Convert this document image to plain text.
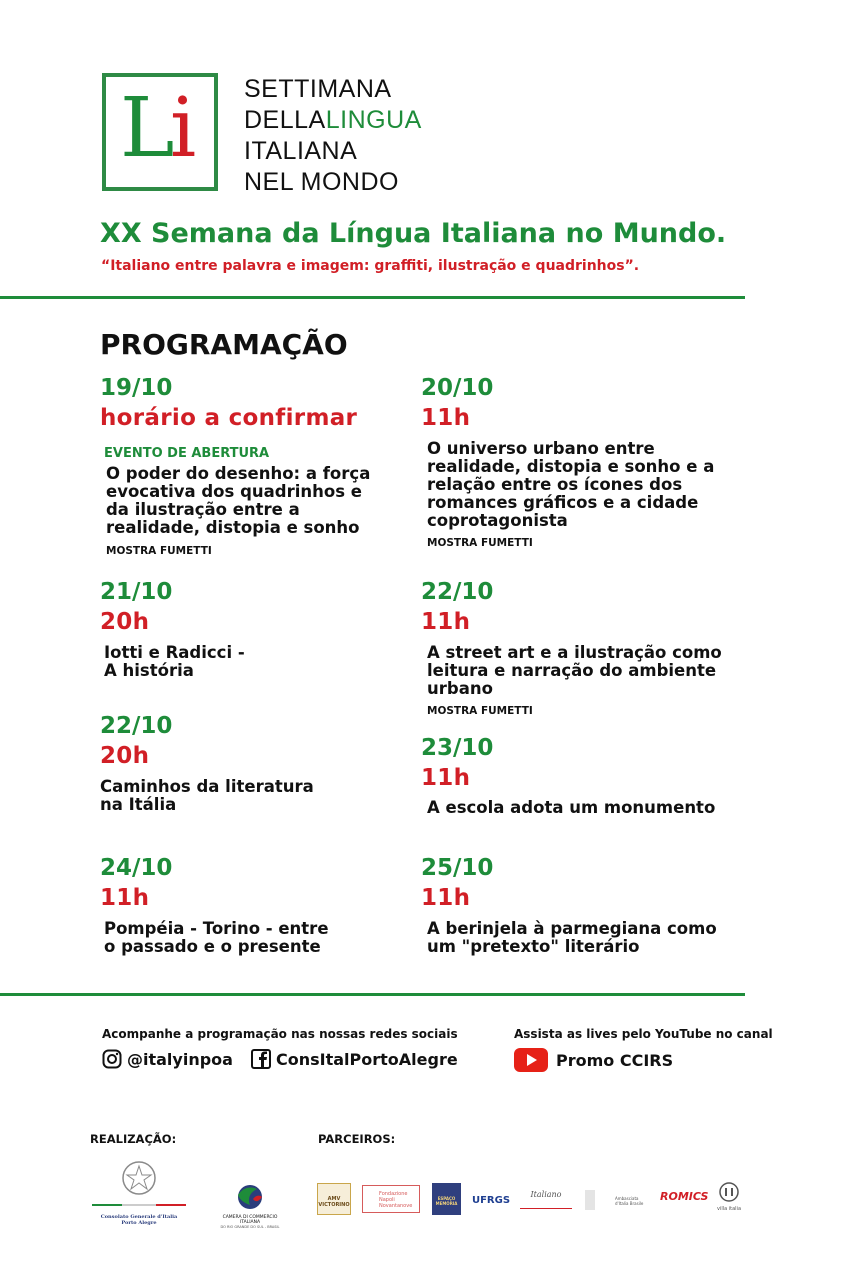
L
i SETTIMANA
DELLALINGUA
ITALIANA
NEL MONDO
XX Semana da Língua Italiana no Mundo.
“Italiano entre palavra e imagem: graffiti, ilustração e quadrinhos”.
PROGRAMAÇÃO
19/10
horário a confirmar
EVENTO DE ABERTURA
O poder do desenho: a força
evocativa dos quadrinhos e
da ilustração entre a
realidade, distopia e sonho
MOSTRA FUMETTI
20/10
11h
O universo urbano entre
realidade, distopia e sonho e a
relação entre os ícones dos
romances gráficos e a cidade
coprotagonista
MOSTRA FUMETTI
21/10
20h
Iotti e Radicci -
A história
22/10
11h
A street art e a ilustração como
leitura e narração do ambiente
urbano
MOSTRA FUMETTI
22/10
20h
Caminhos da literatura
na Itália
23/10
11h
A escola adota um monumento
24/10
11h
Pompéia - Torino - entre
o passado e o presente
25/10
11h
A berinjela à parmegiana como
um "pretexto" literário
Acompanhe a programação nas nossas redes sociais
@italyinpoa	ConsItalPortoAlegre
Assista as lives pelo YouTube no canal
Promo CCIRS
REALIZAÇÃO:	PARCEIROS:
Consolato Generale d'Italia
Porto Alegre
CAMERA DI COMMERCIO ITALIANA
DO RIO GRANDE DO SUL - BRASIL
AMV VICTORINO
Fondazione Napoli Novantanove
ESPAÇO MEMÓRIA	UFRGS
Italiano	Ambasciata d'Italia Brasile
ROMICS
villa italia
